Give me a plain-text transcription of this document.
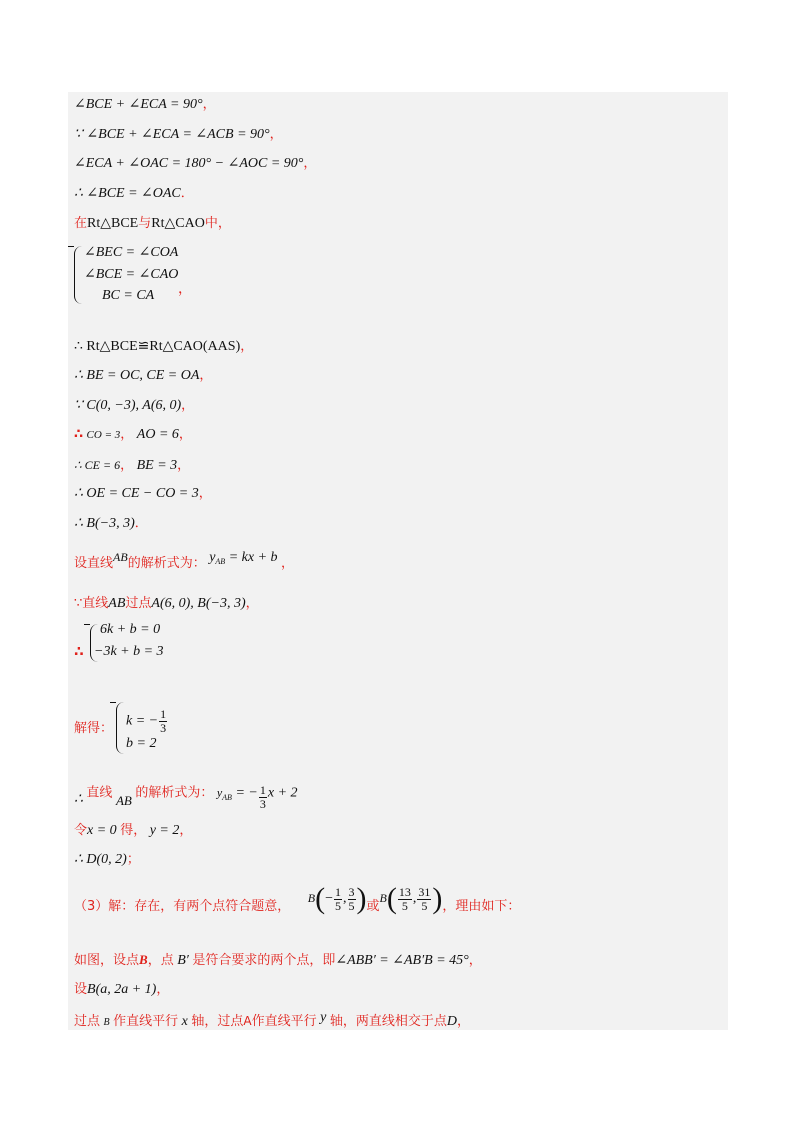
∠BCE + ∠ECA = 90°，
∵ ∠BCE + ∠ECA = ∠ACB = 90°，
∠ECA + ∠OAC = 180° − ∠AOC = 90°，
∴ ∠BCE = ∠OAC．
在Rt△BCE与Rt△CAO中，
∠BEC = ∠COA
∠BCE = ∠CAO
BC = CA ，
∴ Rt△BCE≌Rt△CAO(AAS)，
∴ BE = OC, CE = OA，
∵ C(0, −3), A(6, 0)，
∴ CO = 3， AO = 6，
∴ CE = 6， BE = 3，
∴ OE = CE − CO = 3，
∴ B(−3, 3)．
设直线AB的解析式为： $y_{AB}$ = kx + b ，
∵直线AB过点A(6, 0), B(−3, 3)，
∴
6k + b = 0
−3k + b = 3
解得： k = − $\frac{1}{3}$
b = 2
∴ 直线 AB 的解析式为： $y_{AB}$ = − $\frac{1}{3}$ x + 2
令x = 0 得， y = 2，
∴ D(0, 2)；
（3）解：存在，有两个点符合题意， $B(- \frac{1}{5}$ , $\frac{3}{5}$ )或$B( \frac{13}{5}$ , $\frac{31}{5}$ )，理由如下：
如图，设点B，点 B′ 是符合要求的两个点，即∠ABB′ = ∠AB′B = 45°，
设B(a, 2a + 1)，
过点 B 作直线平行 x 轴，过点A作直线平行 y 轴，两直线相交于点D，
